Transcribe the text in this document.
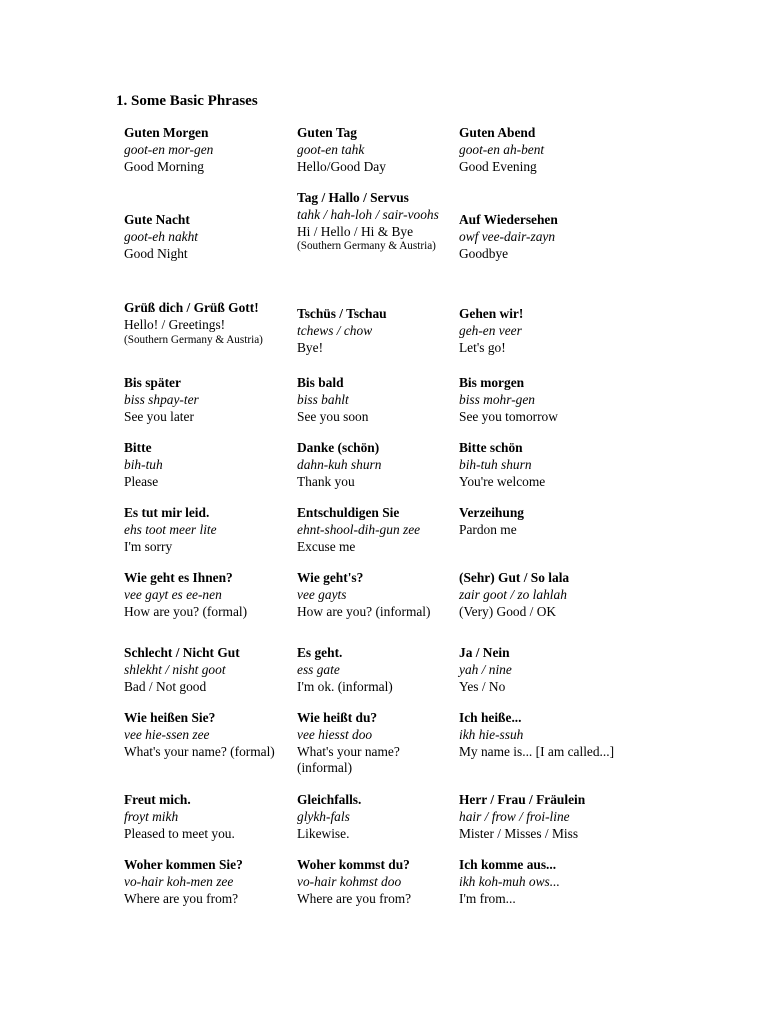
1. Some Basic Phrases
Guten Morgen
goot-en mor-gen
Good Morning
Guten Tag
goot-en tahk
Hello/Good Day
Guten Abend
goot-en ah-bent
Good Evening
Gute Nacht
goot-eh nakht
Good Night
Tag / Hallo / Servus
tahk / hah-loh / sair-voohs
Hi / Hello / Hi & Bye
(Southern Germany & Austria)
Auf Wiedersehen
owf vee-dair-zayn
Goodbye
Grüß dich / Grüß Gott!
Hello! / Greetings!
(Southern Germany & Austria)
Tschüs / Tschau
tchews / chow
Bye!
Gehen wir!
geh-en veer
Let's go!
Bis später
biss shpay-ter
See you later
Bis bald
biss bahlt
See you soon
Bis morgen
biss mohr-gen
See you tomorrow
Bitte
bih-tuh
Please
Danke (schön)
dahn-kuh shurn
Thank you
Bitte schön
bih-tuh shurn
You're welcome
Es tut mir leid.
ehs toot meer lite
I'm sorry
Entschuldigen Sie
ehnt-shool-dih-gun zee
Excuse me
Verzeihung
Pardon me
Wie geht es Ihnen?
vee gayt es ee-nen
How are you? (formal)
Wie geht's?
vee gayts
How are you? (informal)
(Sehr) Gut / So lala
zair goot / zo lahlah
(Very) Good / OK
Schlecht / Nicht Gut
shlekht / nisht goot
Bad / Not good
Es geht.
ess gate
I'm ok. (informal)
Ja / Nein
yah / nine
Yes / No
Wie heißen Sie?
vee hie-ssen zee
What's your name? (formal)
Wie heißt du?
vee hiesst doo
What's your name? (informal)
Ich heiße...
ikh hie-ssuh
My name is... [I am called...]
Freut mich.
froyt mikh
Pleased to meet you.
Gleichfalls.
glykh-fals
Likewise.
Herr / Frau / Fräulein
hair / frow / froi-line
Mister / Misses / Miss
Woher kommen Sie?
vo-hair koh-men zee
Where are you from?
Woher kommst du?
vo-hair kohmst doo
Where are you from?
Ich komme aus...
ikh koh-muh ows...
I'm from...
